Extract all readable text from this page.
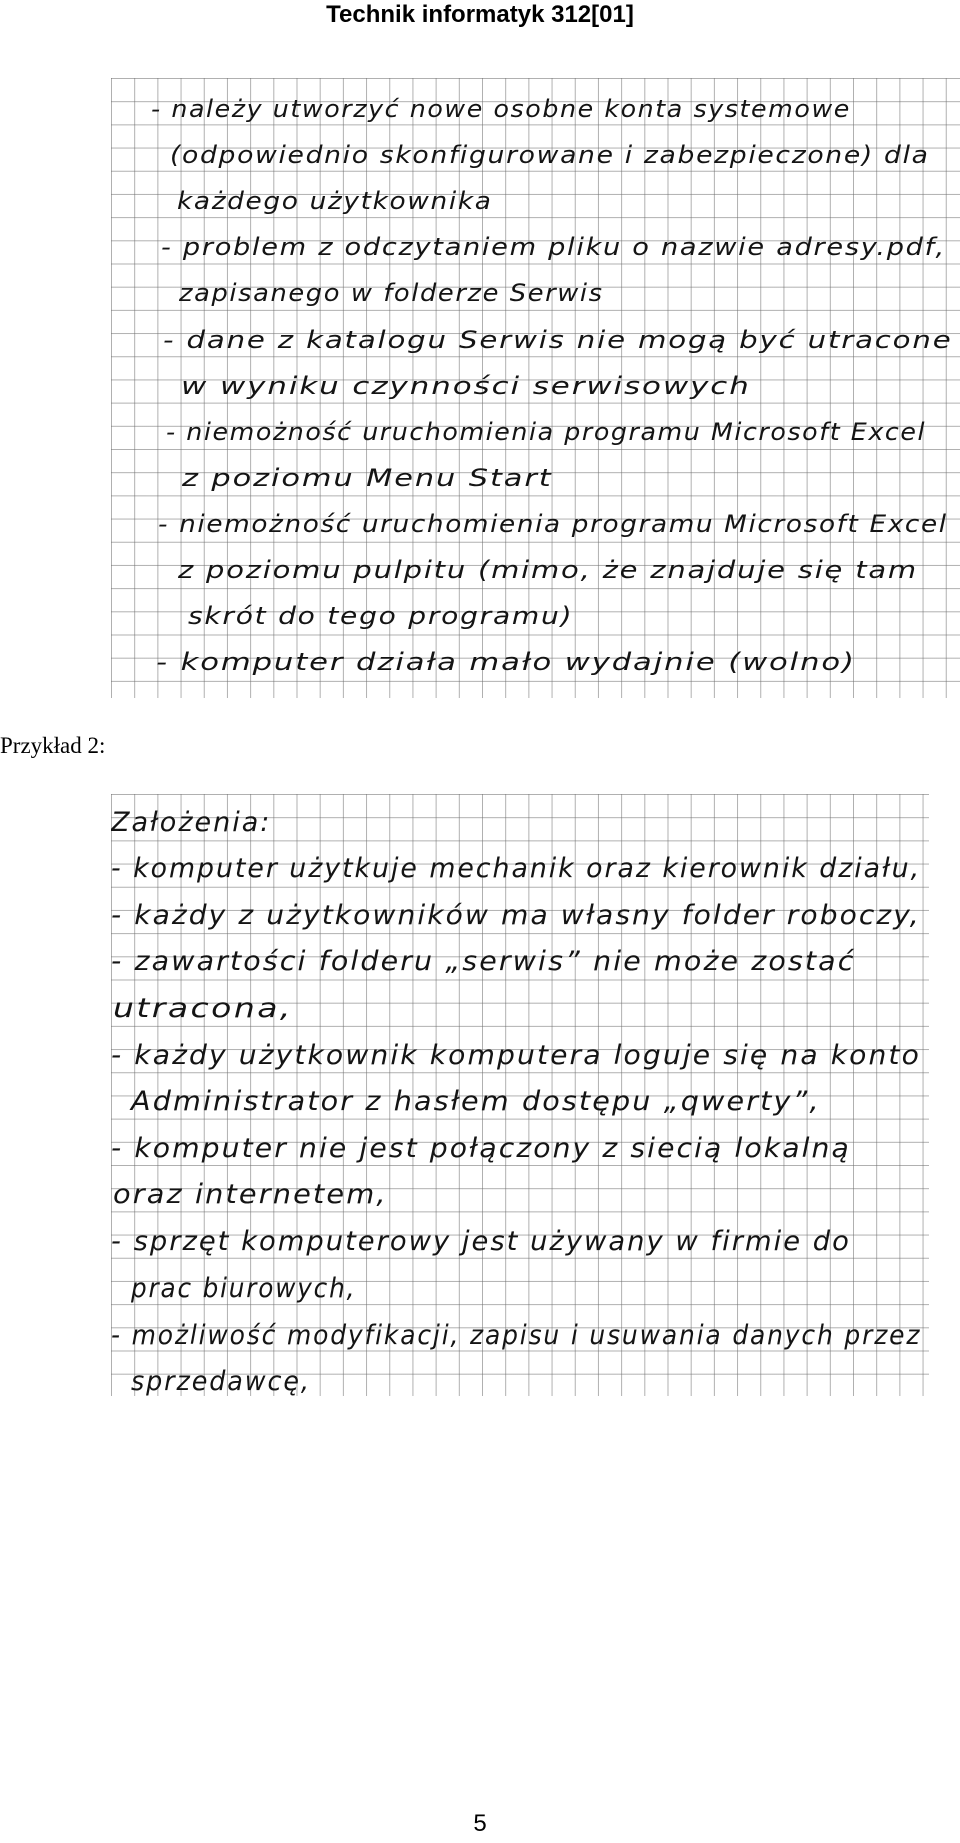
Technik informatyk 312[01]
- należy utworzyć nowe osobne konta systemowe
(odpowiednio skonfigurowane i zabezpieczone) dla
każdego użytkownika
- problem z odczytaniem pliku o nazwie adresy.pdf,
zapisanego w folderze Serwis
- dane z katalogu Serwis nie mogą być utracone
w wyniku czynności serwisowych
- niemożność uruchomienia programu Microsoft Excel
z poziomu Menu Start
- niemożność uruchomienia programu Microsoft Excel
z poziomu pulpitu (mimo, że znajduje się tam
skrót do tego programu)
- komputer działa mało wydajnie (wolno)
Przykład 2:
Założenia:
- komputer użytkuje mechanik oraz kierownik działu,
- każdy z użytkowników ma własny folder roboczy,
- zawartości folderu „serwis” nie może zostać
utracona,
- każdy użytkownik komputera loguje się na konto
Administrator z hasłem dostępu „qwerty”,
- komputer nie jest połączony z siecią lokalną
oraz internetem,
- sprzęt komputerowy jest używany w firmie do
prac biurowych,
- możliwość modyfikacji, zapisu i usuwania danych przez
sprzedawcę,
5
